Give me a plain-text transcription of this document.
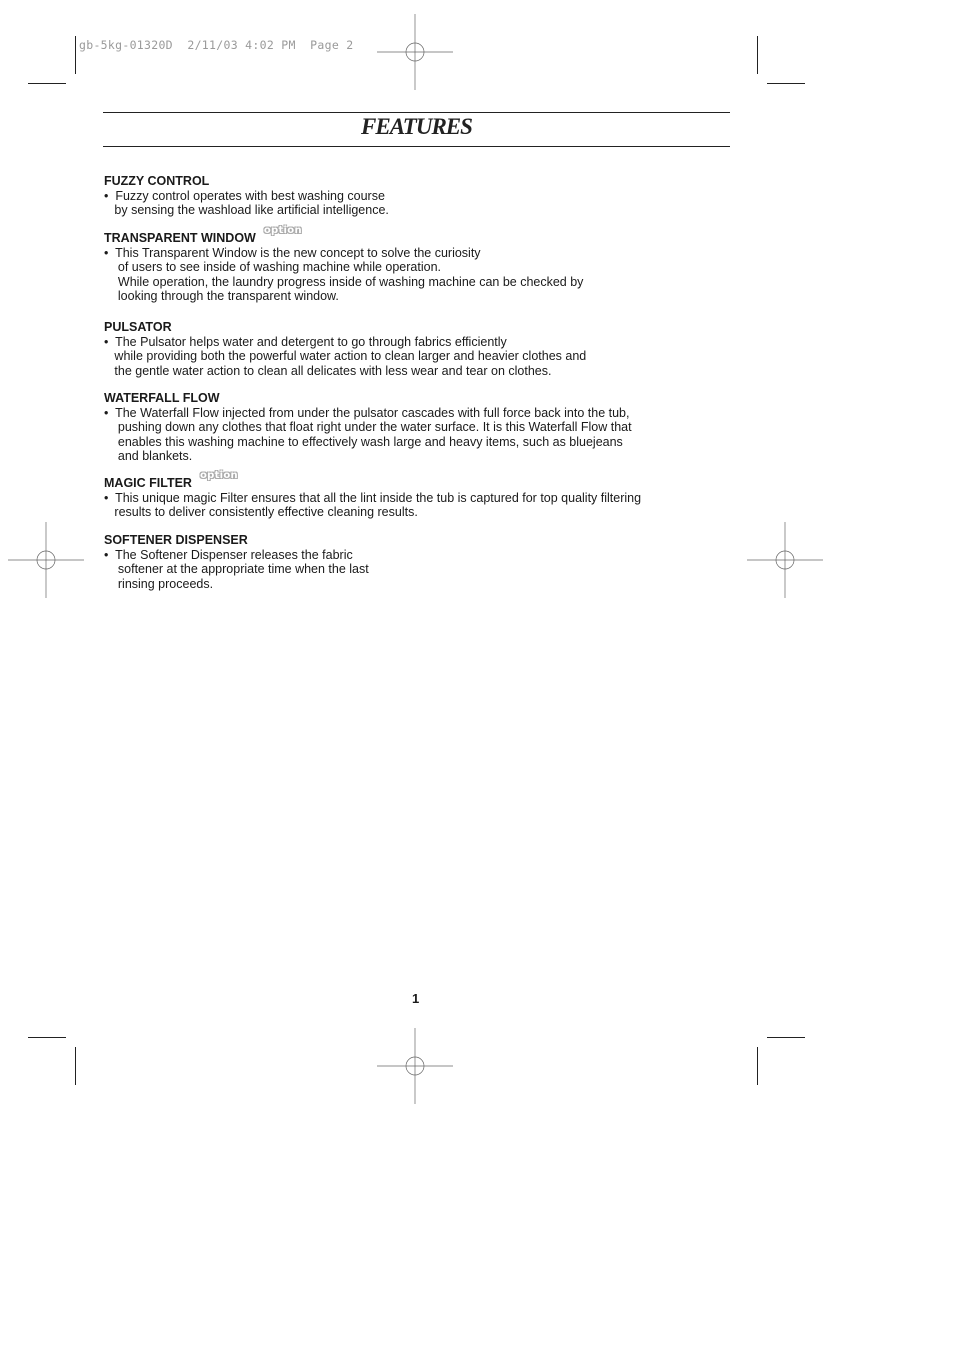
gb-5kg-01320D  2/11/03 4:02 PM  Page 2
FEATURES
FUZZY CONTROL
•  Fuzzy control operates with best washing course
by sensing the washload like artificial intelligence.
TRANSPARENT WINDOW
option
•  This Transparent Window is the new concept to solve the curiosity
of users to see inside of washing machine while operation.
While operation, the laundry progress inside of washing machine can be checked by
looking through the transparent window.
PULSATOR
•  The Pulsator helps water and detergent to go through fabrics efficiently
while providing both the powerful water action to clean larger and heavier clothes and
the gentle water action to clean all delicates with less wear and tear on clothes.
WATERFALL FLOW
•  The Waterfall Flow injected from under the pulsator cascades with full force back into the tub,
pushing down any clothes that float right under the water surface. It is this Waterfall Flow that
enables this washing machine to effectively wash large and heavy items, such as bluejeans
and blankets.
MAGIC FILTER
option
•  This unique magic Filter ensures that all the lint inside the tub is captured for top quality filtering
results to deliver consistently effective cleaning results.
SOFTENER DISPENSER
•  The Softener Dispenser releases the fabric
softener at the appropriate time when the last
rinsing proceeds.
1
